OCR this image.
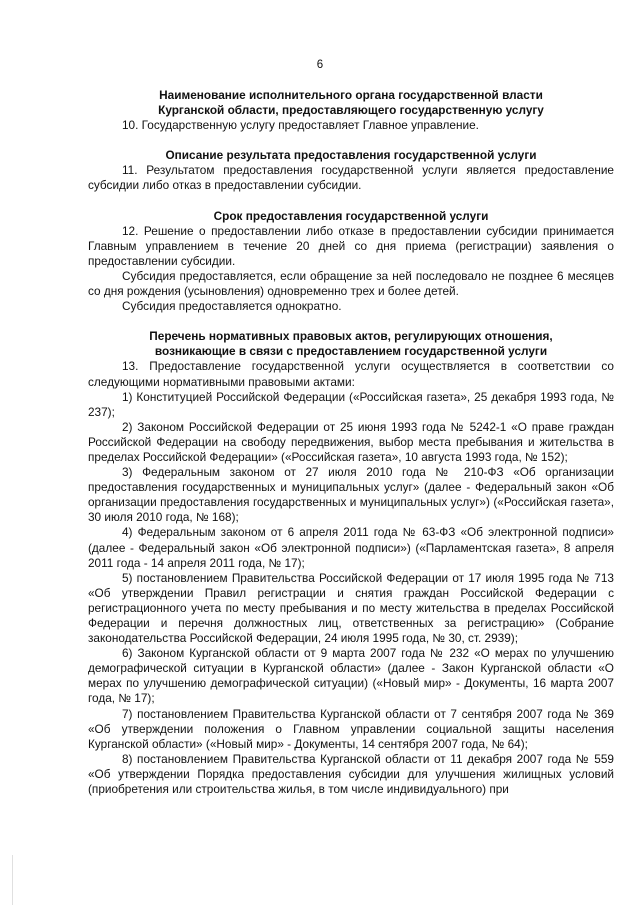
6
Наименование исполнительного органа государственной власти
Курганской области, предоставляющего государственную услугу

10. Государственную услугу предоставляет Главное управление.

Описание результата предоставления государственной услуги

11. Результатом предоставления государственной услуги является предоставление субсидии либо отказ в предоставлении субсидии.

Срок предоставления государственной услуги

12. Решение о предоставлении либо отказе в предоставлении субсидии принимается Главным управлением в течение 20 дней со дня приема (регистрации) заявления о предоставлении субсидии.

Субсидия предоставляется, если обращение за ней последовало не позднее 6 месяцев со дня рождения (усыновления) одновременно трех и более детей.

Субсидия предоставляется однократно.

Перечень нормативных правовых актов, регулирующих отношения,
возникающие в связи с предоставлением государственной услуги

13. Предоставление государственной услуги осуществляется в соответствии со следующими нормативными правовыми актами:

1) Конституцией Российской Федерации («Российская газета», 25 декабря 1993 года, № 237);

2) Законом Российской Федерации от 25 июня 1993 года № 5242-1 «О праве граждан Российской Федерации на свободу передвижения, выбор места пребывания и жительства в пределах Российской Федерации» («Российская газета», 10 августа 1993 года, № 152);

3) Федеральным законом от 27 июля 2010 года № 210-ФЗ «Об организации предоставления государственных и муниципальных услуг» (далее - Федеральный закон «Об организации предоставления государственных и муниципальных услуг») («Российская газета», 30 июля 2010 года, № 168);

4) Федеральным законом от 6 апреля 2011 года № 63-ФЗ «Об электронной подписи» (далее - Федеральный закон «Об электронной подписи») («Парламентская газета», 8 апреля 2011 года - 14 апреля 2011 года, № 17);

5) постановлением Правительства Российской Федерации от 17 июля 1995 года № 713 «Об утверждении Правил регистрации и снятия граждан Российской Федерации с регистрационного учета по месту пребывания и по месту жительства в пределах Российской Федерации и перечня должностных лиц, ответственных за регистрацию» (Собрание законодательства Российской Федерации, 24 июля 1995 года, № 30, ст. 2939);

6) Законом Курганской области от 9 марта 2007 года № 232 «О мерах по улучшению демографической ситуации в Курганской области» (далее - Закон Курганской области «О мерах по улучшению демографической ситуации) («Новый мир» - Документы, 16 марта 2007 года, № 17);

7) постановлением Правительства Курганской области от 7 сентября 2007 года № 369 «Об утверждении положения о Главном управлении социальной защиты населения Курганской области» («Новый мир» - Документы, 14 сентября 2007 года, № 64);

8) постановлением Правительства Курганской области от 11 декабря 2007 года № 559 «Об утверждении Порядка предоставления субсидии для улучшения жилищных условий (приобретения или строительства жилья, в том числе индивидуального) при
